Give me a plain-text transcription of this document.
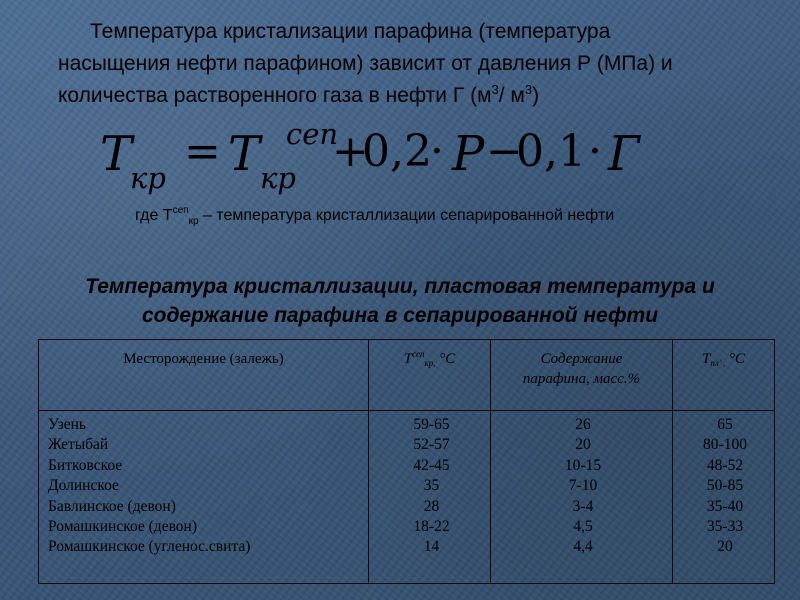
Температура кристализации парафина (температура
насыщения нефти парафином) зависит от давления Р (МПа) и
количества растворенного газа в нефти Г ($м^3/$ $м^3$)
T
кр
= T сеп
кр
+
0,2
· P −
0,1 · Г
где $Т^{сеп}_{кр}$ – температура кристаллизации сепарированной нефти
Температура кристаллизации, пластовая температура и
содержание парафина в сепарированной нефти
Месторождение (залежь)	$Т^{сеп}_{кр,}$ °С	Содержание
парафина, масс.%
$Т_{пл’ ,}$ °С
Узень
Жетыбай
Битковское
Долинское
Бавлинское (девон)
Ромашкинское (девон)
Ромашкинское (угленос.свита)
59-65
52-57
42-45
35
28
18-22
14
26
20
10-15
7-10
3-4
4,5
4,4
65
80-100
48-52
50-85
35-40
35-33
20
